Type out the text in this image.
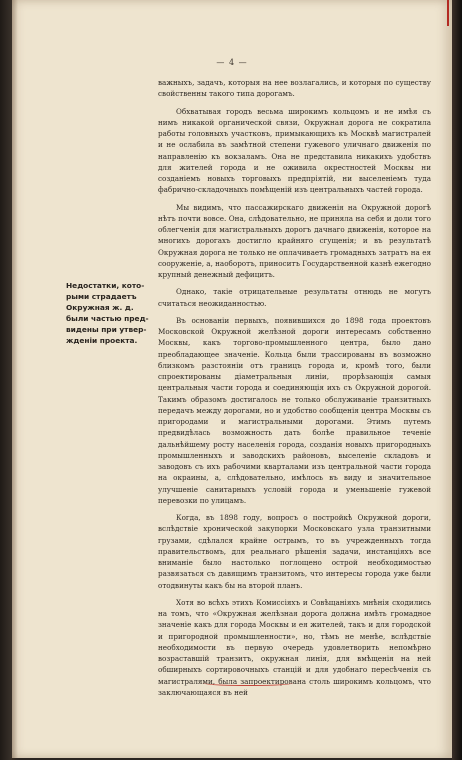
— 4 —
Недостатки, кото-рыми страдаетъ Окружная ж. д. были частью пред-видены при утвер-жденіи проекта.

важныхъ, задачъ, которыя на нее возлагались, и которыя по существу свойственны такого типа дорогамъ.

Обхватывая городъ весьма широкимъ кольцомъ и не имѣя съ нимъ никакой органической связи, Окружная дорога не сократила работы головныхъ участковъ, примыкающихъ къ Москвѣ магистралей и не ослабила въ замѣтной степени гужевого уличнаго движенія по направленію къ вокзаламъ. Она не представила никакихъ удобствъ для жителей города и не оживила окрестностей Москвы ни созданіемъ новыхъ торговыхъ предпріятій, ни выселеніемъ туда фабрично-складочныхъ помѣщеній изъ центральныхъ частей города.

Мы видимъ, что пассажирскаго движенія на Окружной дорогѣ нѣтъ почти вовсе. Она, слѣдовательно, не приняла на себя и доли того облегченія для магистральныхъ дорогъ дачнаго движенія, которое на многихъ дорогахъ достигло крайняго сгущенія; и въ результатѣ Окружная дорога не только не оплачиваетъ громадныхъ затратъ на ея сооруженіе, а, наоборотъ, приноситъ Государственной казнѣ ежегодно крупный денежный дефицитъ.

Однако, такіе отрицательные результаты отнюдь не могутъ считаться неожиданностью.

Въ основаніи первыхъ, появившихся до 1898 года проектовъ Московской Окружной желѣзной дороги интересамъ собственно Москвы, какъ торгово-промышленного центра, было дано преобладающее значеніе. Кольца были трассированы въ возможно близкомъ разстояніи отъ границъ города и, кромѣ того, были спроектированы діаметральныя линіи, прорѣзающія самыя центральныя части города и соединяющія ихъ съ Окружной дорогой. Такимъ образомъ достигалось не только обслуживаніе транзитныхъ передачъ между дорогами, но и удобство сообщенія центра Москвы съ пригородами и магистральными дорогами. Этимъ путемъ предвидѣлась возможность дать болѣе правильное теченіе дальнѣйшему росту населенія города, созданія новыхъ пригородныхъ промышленныхъ и заводскихъ районовъ, выселеніе складовъ и заводовъ съ ихъ рабочими кварталами изъ центральной части города на окраины, а, слѣдовательно, имѣлось въ виду и значительное улучшеніе санитарныхъ условій города и уменьшеніе гужевой перевозки по улицамъ.

Когда, въ 1898 году, вопросъ о постройкѣ Окружной дороги, вслѣдствіе хронической закупорки Московскаго узла транзитными грузами, сдѣлался крайне острымъ, то въ учрежденныхъ тогда правительствомъ, для реальнаго рѣшенія задачи, инстанціяхъ все вниманіе было настолько поглощено острой необходимостью развязаться съ давящимъ транзитомъ, что интересы города уже были отодвинуты какъ бы на второй планъ.

Хотя во всѣхъ этихъ Комиссіяхъ и Совѣщаніяхъ мнѣнія сходились на томъ, что «Окружная желѣзная дорога должна имѣть громадное значеніе какъ для города Москвы и ея жителей, такъ и для городской и пригородной промышленности», но, тѣмъ не менѣе, вслѣдствіе необходимости въ первую очередь удовлетворить непомѣрно возраставшій транзитъ, окружная линія, для вмѣщенія на ней обширныхъ сортировочныхъ станцій и для удобнаго пересѣченія съ магистралями, была запроектирована столь широкимъ кольцомъ, что заключающаяся въ ней
